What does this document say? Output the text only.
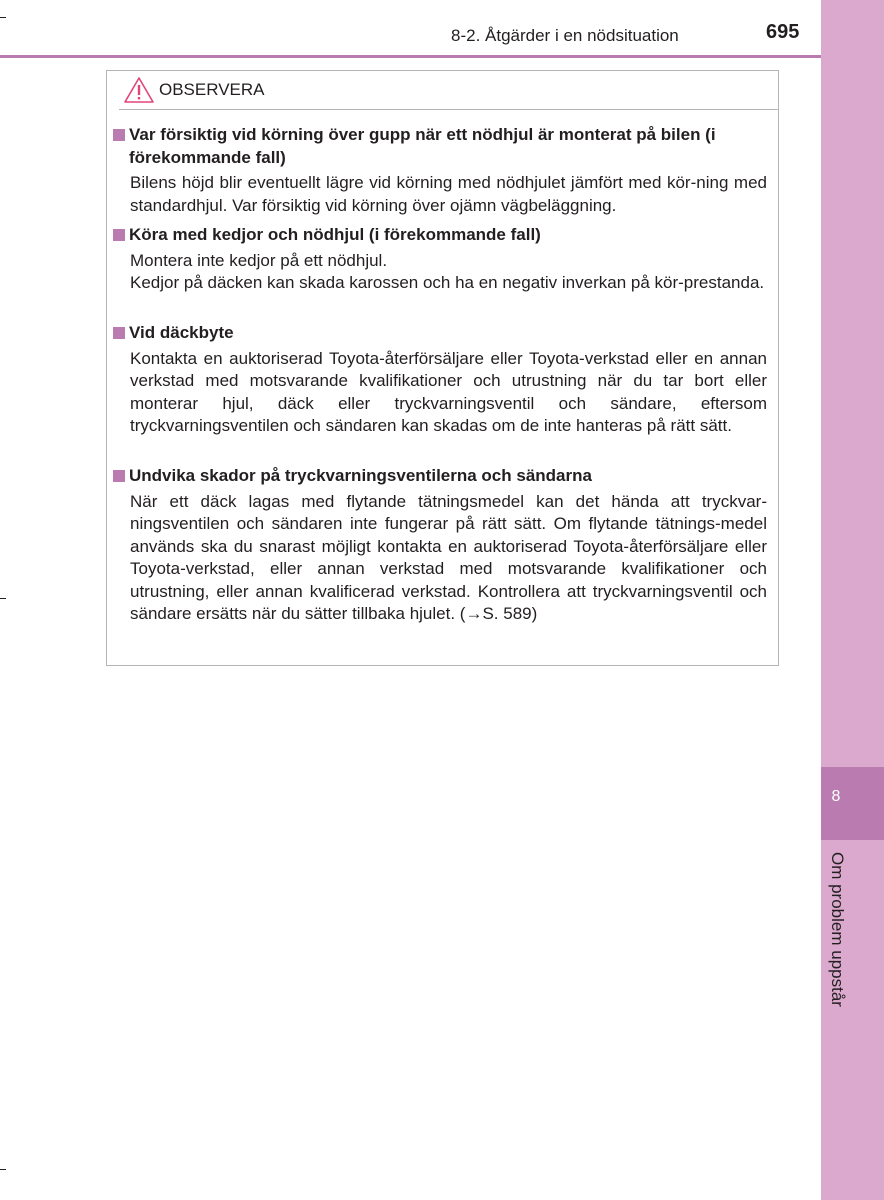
8
Om problem uppstår
8-2. Åtgärder i en nödsituation	695
OBSERVERA
Var försiktig vid körning över gupp när ett nödhjul är monterat på bilen (i förekommande fall)

Bilens höjd blir eventuellt lägre vid körning med nödhjulet jämfört med kör-ning med standardhjul. Var försiktig vid körning över ojämn vägbeläggning.

Köra med kedjor och nödhjul (i förekommande fall)

Montera inte kedjor på ett nödhjul.

Kedjor på däcken kan skada karossen och ha en negativ inverkan på kör-prestanda.

Vid däckbyte

Kontakta en auktoriserad Toyota-återförsäljare eller Toyota-verkstad eller en annan verkstad med motsvarande kvalifikationer och utrustning när du tar bort eller monterar hjul, däck eller tryckvarningsventil och sändare, eftersom tryckvarningsventilen och sändaren kan skadas om de inte hanteras på rätt sätt.

Undvika skador på tryckvarningsventilerna och sändarna

När ett däck lagas med flytande tätningsmedel kan det hända att tryckvar-ningsventilen och sändaren inte fungerar på rätt sätt. Om flytande tätnings-medel används ska du snarast möjligt kontakta en auktoriserad Toyota-återförsäljare eller Toyota-verkstad, eller annan verkstad med motsvarande kvalifikationer och utrustning, eller annan kvalificerad verkstad. Kontrollera att tryckvarningsventil och sändare ersätts när du sätter tillbaka hjulet. (→S. 589)
